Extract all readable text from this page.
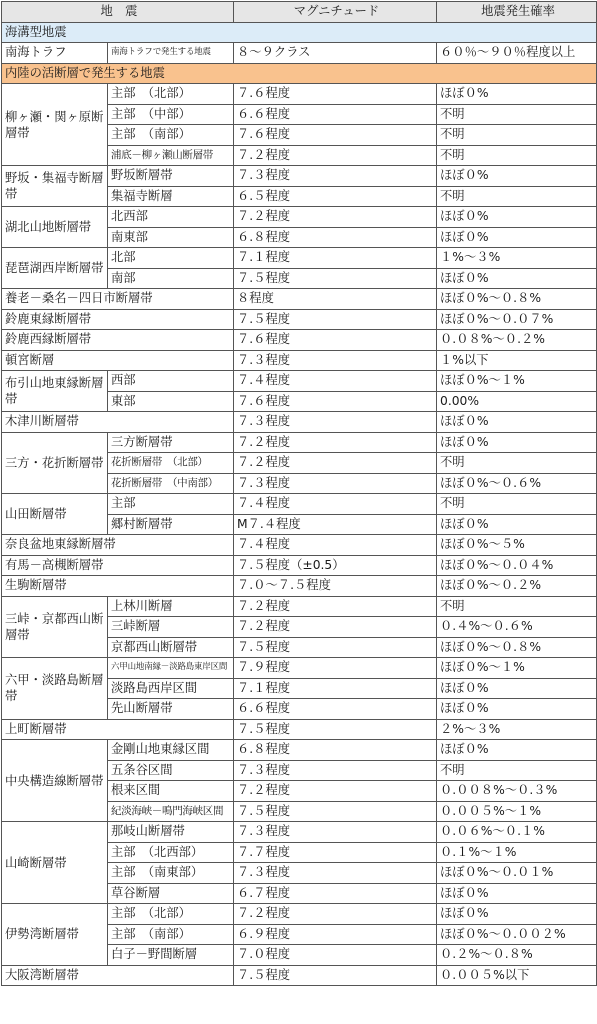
地　震		マグニチュード	地震発生確率
海溝型地震			
南海トラフ	南海トラフで発生する地震	８～９クラス	６０％～９０％程度以上
内陸の活断層で発生する地震			
柳ヶ瀬・関ヶ原断層帯	主部　（北部）	７.６程度	ほぼ０%
	主部　（中部）	６.６程度	不明
	主部　（南部）	７.６程度	不明
	浦底－柳ヶ瀬山断層帯	７.２程度	不明
野坂・集福寺断層帯	野坂断層帯	７.３程度	ほぼ０%
	集福寺断層	６.５程度	不明
湖北山地断層帯	北西部	７.２程度	ほぼ０%
	南東部	６.８程度	ほぼ０%
琵琶湖西岸断層帯	北部	７.１程度	１%～３%
	南部	７.５程度	ほぼ０%
養老－桑名－四日市断層帯		８程度	ほぼ０%～０.８%
鈴鹿東縁断層帯		７.５程度	ほぼ０%～０.０７%
鈴鹿西縁断層帯		７.６程度	０.０８%～０.２%
頓宮断層		７.３程度	１%以下
布引山地東縁断層帯	西部	７.４程度	ほぼ０%～１%
	東部	７.６程度	0.00%
木津川断層帯		７.３程度	ほぼ０%
三方・花折断層帯	三方断層帯	７.２程度	ほぼ０%
	花折断層帯　（北部）	７.２程度	不明
	花折断層帯　（中南部）	７.３程度	ほぼ０%～０.６%
山田断層帯	主部	７.４程度	不明
	郷村断層帯	M７.４程度	ほぼ０%
奈良盆地東縁断層帯		７.４程度	ほぼ０%～５%
有馬－高槻断層帯		７.５程度（±0.5）	ほぼ０%～０.０４%
生駒断層帯		７.０～７.５程度	ほぼ０%～０.２%
三峠・京都西山断層帯	上林川断層	７.２程度	不明
	三峠断層	７.２程度	０.４%～０.６%
	京都西山断層帯	７.５程度	ほぼ０%～０.８%
六甲・淡路島断層帯	六甲山地南縁－淡路島東岸区間	７.９程度	ほぼ０%～１%
	淡路島西岸区間	７.１程度	ほぼ０%
	先山断層帯	６.６程度	ほぼ０%
上町断層帯		７.５程度	２%～３%
中央構造線断層帯	金剛山地東縁区間	６.８程度	ほぼ０%
	五条谷区間	７.３程度	不明
	根来区間	７.２程度	０.００８%～０.３%
	紀淡海峡－鳴門海峡区間	７.５程度	０.００５%～１%
山崎断層帯	那岐山断層帯	７.３程度	０.０６%～０.１%
	主部　（北西部）	７.７程度	０.１%～１%
	主部　（南東部）	７.３程度	ほぼ０%～０.０１%
	草谷断層	６.７程度	ほぼ０%
伊勢湾断層帯	主部　（北部）	７.２程度	ほぼ０%
	主部　（南部）	６.９程度	ほぼ０%～０.００２%
	白子－野間断層	７.０程度	０.２%～０.８%
大阪湾断層帯		７.５程度	０.００５%以下
